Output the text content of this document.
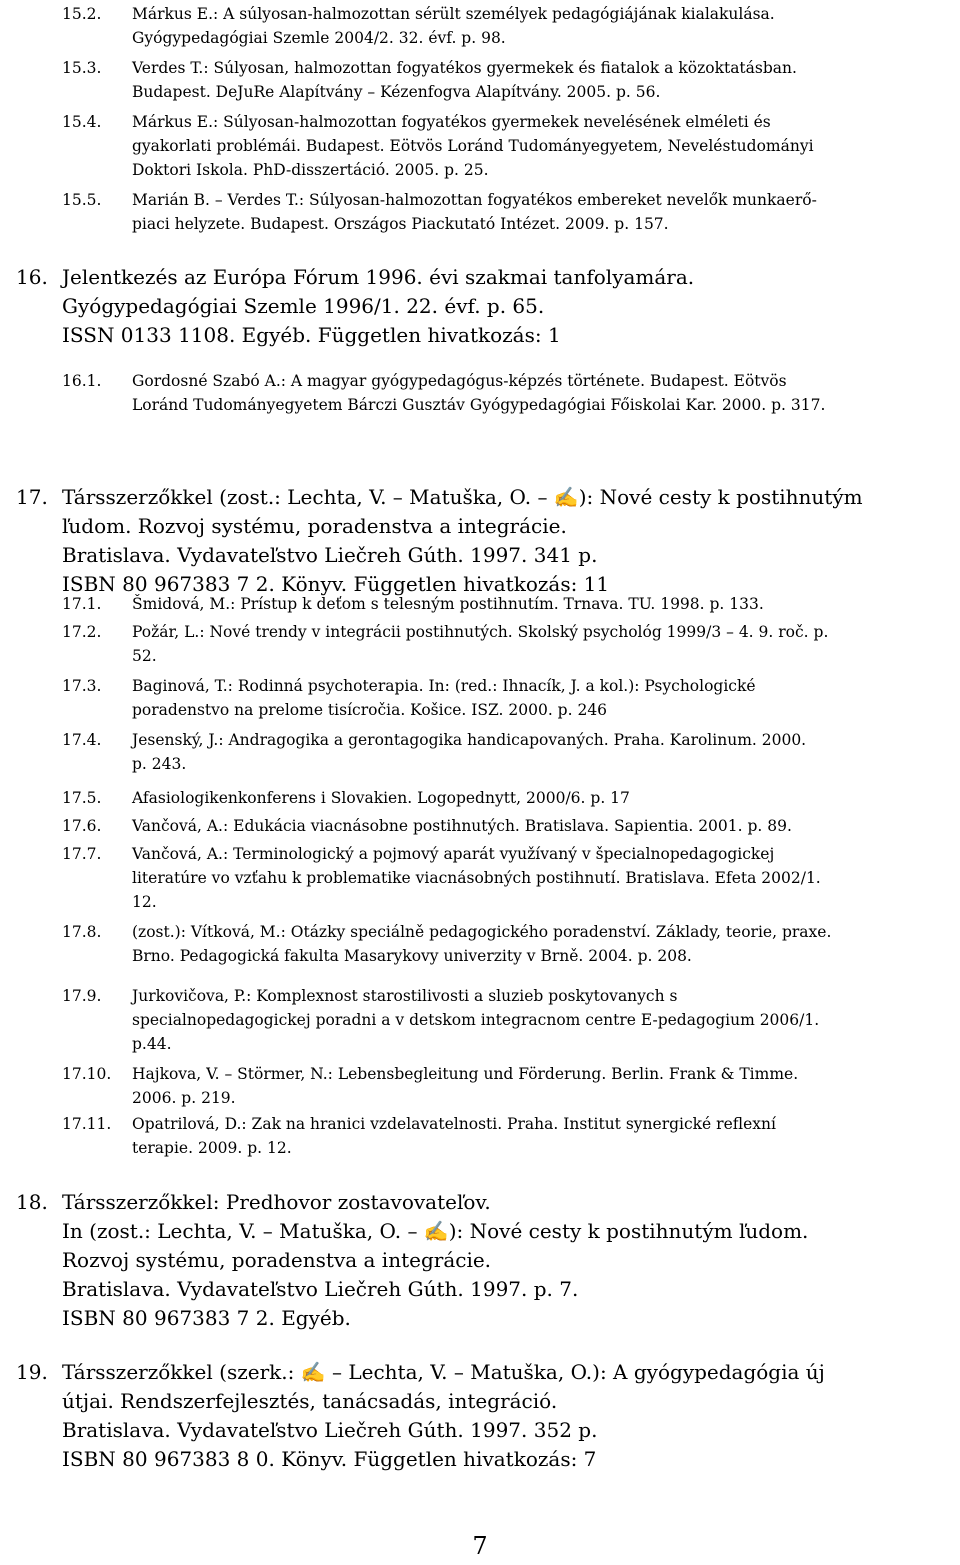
15.2. Márkus E.: A súlyosan-halmozottan sérült személyek pedagógiájának kialakulása.
Gyógypedagógiai Szemle 2004/2. 32. évf. p. 98.
15.3. Verdes T.: Súlyosan, halmozottan fogyatékos gyermekek és fiatalok a közoktatásban.
Budapest. DeJuRe Alapítvány – Kézenfogva Alapítvány. 2005. p. 56.
15.4. Márkus E.: Súlyosan-halmozottan fogyatékos gyermekek nevelésének elméleti és
gyakorlati problémái. Budapest. Eötvös Loránd Tudományegyetem, Neveléstudományi
Doktori Iskola. PhD-disszertáció. 2005. p. 25.
15.5. Marián B. – Verdes T.: Súlyosan-halmozottan fogyatékos embereket nevelők munkaerő-
piaci helyzete. Budapest. Országos Piackutató Intézet. 2009. p. 157.
16. Jelentkezés az Európa Fórum 1996. évi szakmai tanfolyamára.
Gyógypedagógiai Szemle 1996/1. 22. évf. p. 65.
ISSN 0133 1108. Egyéb. Független hivatkozás: 1
16.1. Gordosné Szabó A.: A magyar gyógypedagógus-képzés története. Budapest. Eötvös
Loránd Tudományegyetem Bárczi Gusztáv Gyógypedagógiai Főiskolai Kar. 2000. p. 317.
17. Társszerzőkkel (zost.: Lechta, V. – Matuška, O. – ✍): Nové cesty k postihnutým
ľudom. Rozvoj systému, poradenstva a integrácie.
Bratislava. Vydavateľstvo Liečreh Gúth. 1997. 341 p.
ISBN 80 967383 7 2. Könyv. Független hivatkozás: 11
17.1. Šmidová, M.: Prístup k deťom s telesným postihnutím. Trnava. TU. 1998. p. 133.
17.2. Požár, L.: Nové trendy v integrácii postihnutých. Skolský psychológ 1999/3 – 4. 9. roč. p.
52.
17.3. Baginová, T.: Rodinná psychoterapia. In: (red.: Ihnacík, J. a kol.): Psychologické
poradenstvo na prelome tisícročia. Košice. ISZ. 2000. p. 246
17.4. Jesenský, J.: Andragogika a gerontagogika handicapovaných. Praha. Karolinum. 2000.
p. 243.
17.5. Afasiologikenkonferens i Slovakien. Logopednytt, 2000/6. p. 17
17.6. Vančová, A.: Edukácia viacnásobne postihnutých. Bratislava. Sapientia. 2001. p. 89.
17.7. Vančová, A.: Terminologický a pojmový aparát využívaný v špecialnopedagogickej
literatúre vo vzťahu k problematike viacnásobných postihnutí. Bratislava. Efeta 2002/1.
12.
17.8. (zost.): Vítková, M.: Otázky speciálně pedagogického poradenství. Základy, teorie, praxe.
Brno. Pedagogická fakulta Masarykovy univerzity v Brně. 2004. p. 208.
17.9. Jurkovičova, P.: Komplexnost starostilivosti a sluzieb poskytovanych s
specialnopedagogickej poradni a v detskom integracnom centre E-pedagogium 2006/1.
p.44.
17.10. Hajkova, V. – Störmer, N.: Lebensbegleitung und Förderung. Berlin. Frank & Timme.
2006. p. 219.
17.11. Opatrilová, D.: Zak na hranici vzdelavatelnosti. Praha. Institut synergické reflexní
terapie. 2009. p. 12.
18. Társszerzőkkel: Predhovor zostavovateľov.
In (zost.: Lechta, V. – Matuška, O. – ✍): Nové cesty k postihnutým ľudom.
Rozvoj systému, poradenstva a integrácie.
Bratislava. Vydavateľstvo Liečreh Gúth. 1997. p. 7.
ISBN 80 967383 7 2. Egyéb.
19. Társszerzőkkel (szerk.: ✍ – Lechta, V. – Matuška, O.): A gyógypedagógia új
útjai. Rendszerfejlesztés, tanácsadás, integráció.
Bratislava. Vydavateľstvo Liečreh Gúth. 1997. 352 p.
ISBN 80 967383 8 0. Könyv. Független hivatkozás: 7
7
